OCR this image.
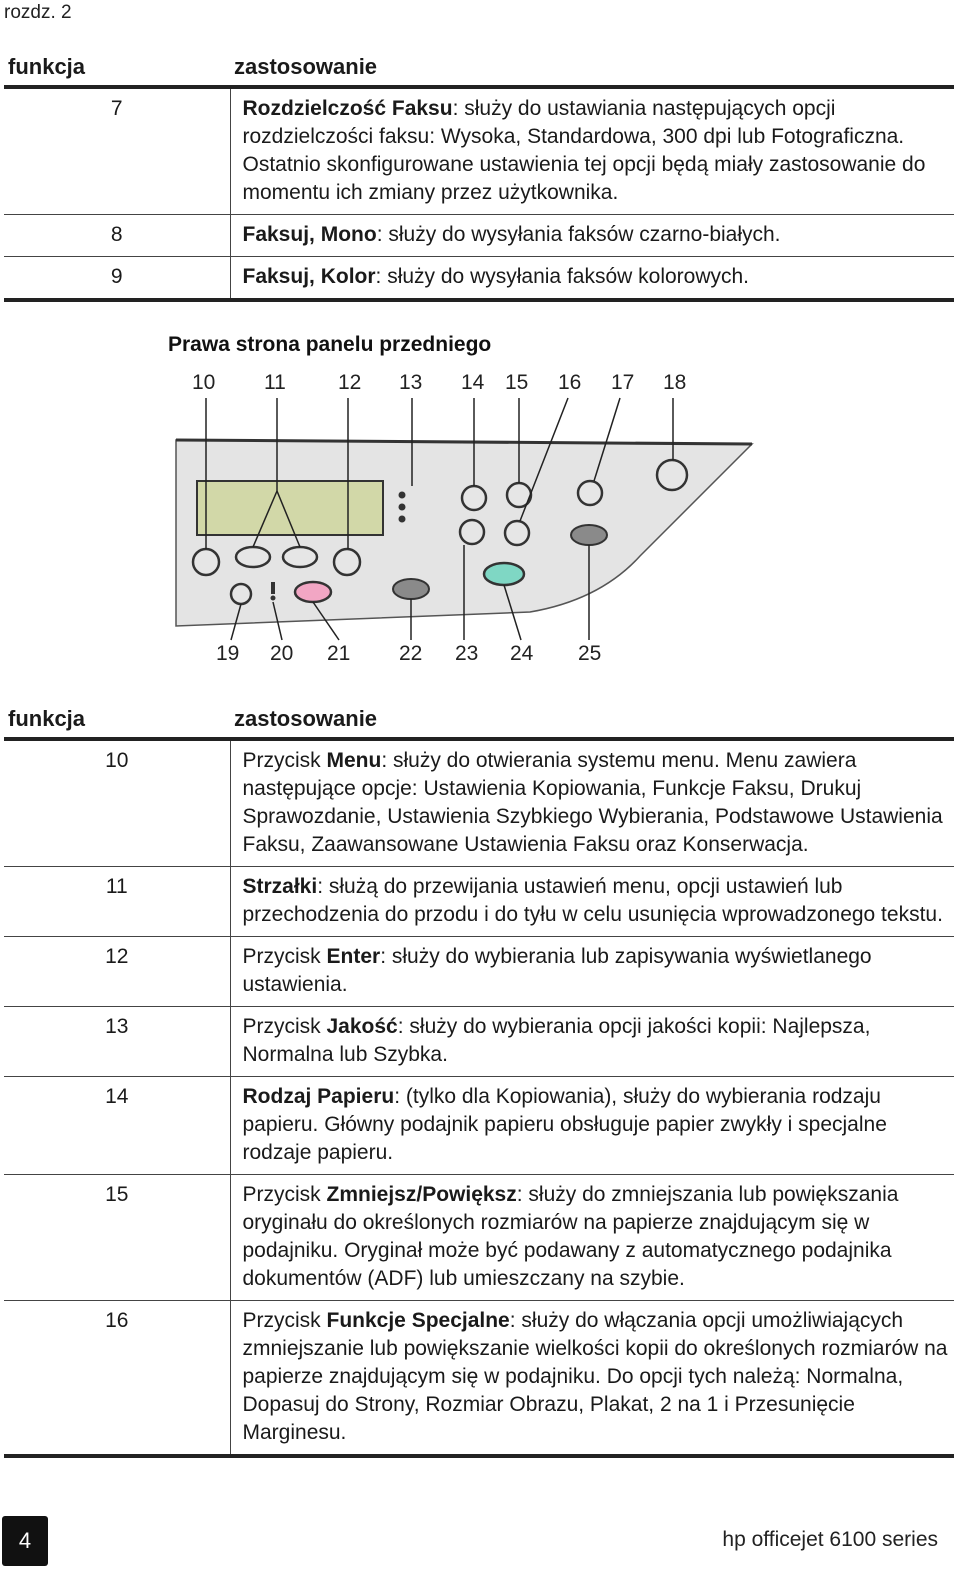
rozdz. 2
funkcja	zastosowanie
7	Rozdzielczość Faksu: służy do ustawiania następujących opcji rozdzielczości faksu: Wysoka, Standardowa, 300 dpi lub Fotograficzna. Ostatnio skonfigurowane ustawienia tej opcji będą miały zastosowanie do momentu ich zmiany przez użytkownika.
8	Faksuj, Mono: służy do wysyłania faksów czarno-białych.
9	Faksuj, Kolor: służy do wysyłania faksów kolorowych.
Prawa strona panelu przedniego
10 11 12 13 14 15 16 17 18
19 20 21 22 23 24 25
funkcja	zastosowanie
10	Przycisk Menu: służy do otwierania systemu menu. Menu zawiera następujące opcje: Ustawienia Kopiowania, Funkcje Faksu, Drukuj Sprawozdanie, Ustawienia Szybkiego Wybierania, Podstawowe Ustawienia Faksu, Zaawansowane Ustawienia Faksu oraz Konserwacja.
11	Strzałki: służą do przewijania ustawień menu, opcji ustawień lub przechodzenia do przodu i do tyłu w celu usunięcia wprowadzonego tekstu.
12	Przycisk Enter: służy do wybierania lub zapisywania wyświetlanego ustawienia.
13	Przycisk Jakość: służy do wybierania opcji jakości kopii: Najlepsza, Normalna lub Szybka.
14	Rodzaj Papieru: (tylko dla Kopiowania), służy do wybierania rodzaju papieru. Główny podajnik papieru obsługuje papier zwykły i specjalne rodzaje papieru.
15	Przycisk Zmniejsz/Powiększ: służy do zmniejszania lub powiększania oryginału do określonych rozmiarów na papierze znajdującym się w podajniku. Oryginał może być podawany z automatycznego podajnika dokumentów (ADF) lub umieszczany na szybie.
16	Przycisk Funkcje Specjalne: służy do włączania opcji umożliwiających zmniejszanie lub powiększanie wielkości kopii do określonych rozmiarów na papierze znajdującym się w podajniku. Do opcji tych należą: Normalna, Dopasuj do Strony, Rozmiar Obrazu, Plakat, 2 na 1 i Przesunięcie Marginesu.
4	hp officejet 6100 series
